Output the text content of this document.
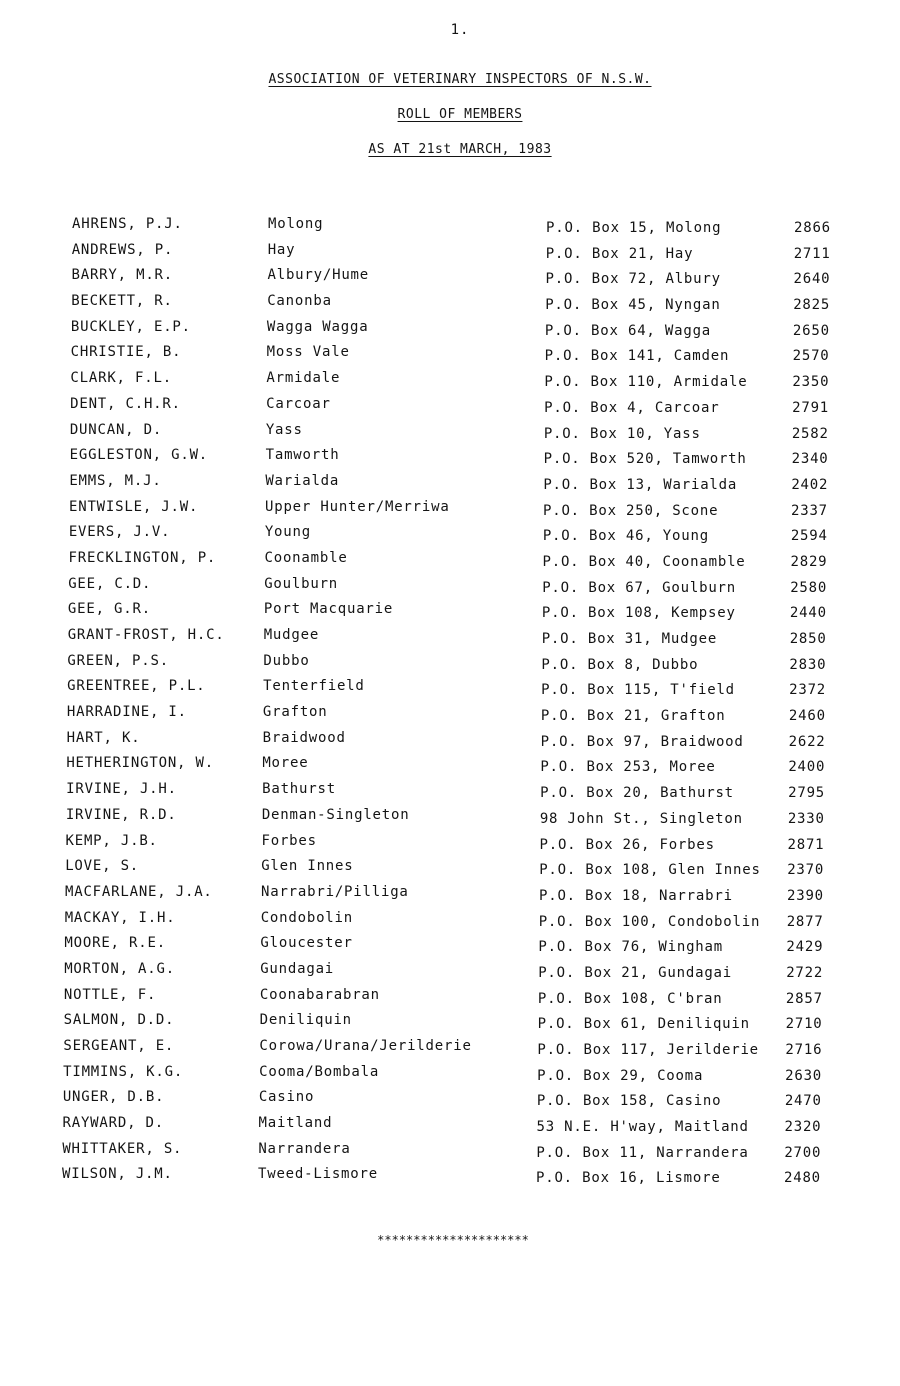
1.
ASSOCIATION OF VETERINARY INSPECTORS OF N.S.W.
ROLL OF MEMBERS
AS AT 21st MARCH, 1983
AHRENS, P.J.	Molong	P.O. Box 15, Molong	2866
ANDREWS, P.	Hay	P.O. Box 21, Hay	2711
BARRY, M.R.	Albury/Hume	P.O. Box 72, Albury	2640
BECKETT, R.	Canonba	P.O. Box 45, Nyngan	2825
BUCKLEY, E.P.	Wagga Wagga	P.O. Box 64, Wagga	2650
CHRISTIE, B.	Moss Vale	P.O. Box 141, Camden	2570
CLARK, F.L.	Armidale	P.O. Box 110, Armidale	2350
DENT, C.H.R.	Carcoar	P.O. Box 4, Carcoar	2791
DUNCAN, D.	Yass	P.O. Box 10, Yass	2582
EGGLESTON, G.W.	Tamworth	P.O. Box 520, Tamworth	2340
EMMS, M.J.	Warialda	P.O. Box 13, Warialda	2402
ENTWISLE, J.W.	Upper Hunter/Merriwa	P.O. Box 250, Scone	2337
EVERS, J.V.	Young	P.O. Box 46, Young	2594
FRECKLINGTON, P.	Coonamble	P.O. Box 40, Coonamble	2829
GEE, C.D.	Goulburn	P.O. Box 67, Goulburn	2580
GEE, G.R.	Port Macquarie	P.O. Box 108, Kempsey	2440
GRANT-FROST, H.C.	Mudgee	P.O. Box 31, Mudgee	2850
GREEN, P.S.	Dubbo	P.O. Box 8, Dubbo	2830
GREENTREE, P.L.	Tenterfield	P.O. Box 115, T'field	2372
HARRADINE, I.	Grafton	P.O. Box 21, Grafton	2460
HART, K.	Braidwood	P.O. Box 97, Braidwood	2622
HETHERINGTON, W.	Moree	P.O. Box 253, Moree	2400
IRVINE, J.H.	Bathurst	P.O. Box 20, Bathurst	2795
IRVINE, R.D.	Denman-Singleton	98 John St., Singleton	2330
KEMP, J.B.	Forbes	P.O. Box 26, Forbes	2871
LOVE, S.	Glen Innes	P.O. Box 108, Glen Innes 2370
MACFARLANE, J.A.	Narrabri/Pilliga	P.O. Box 18, Narrabri	2390
MACKAY, I.H.	Condobolin	P.O. Box 100, Condobolin 2877
MOORE, R.E.	Gloucester	P.O. Box 76, Wingham	2429
MORTON, A.G.	Gundagai	P.O. Box 21, Gundagai	2722
NOTTLE, F.	Coonabarabran	P.O. Box 108, C'bran	2857
SALMON, D.D.	Deniliquin	P.O. Box 61, Deniliquin	2710
SERGEANT, E.	Corowa/Urana/Jerilderie	P.O. Box 117, Jerilderie 2716
TIMMINS, K.G.	Cooma/Bombala	P.O. Box 29, Cooma	2630
UNGER, D.B.	Casino	P.O. Box 158, Casino	2470
RAYWARD, D.	Maitland	53 N.E. H'way, Maitland	2320
WHITTAKER, S.	Narrandera	P.O. Box 11, Narrandera	2700
WILSON, J.M.	Tweed-Lismore	P.O. Box 16, Lismore	2480
*********************
